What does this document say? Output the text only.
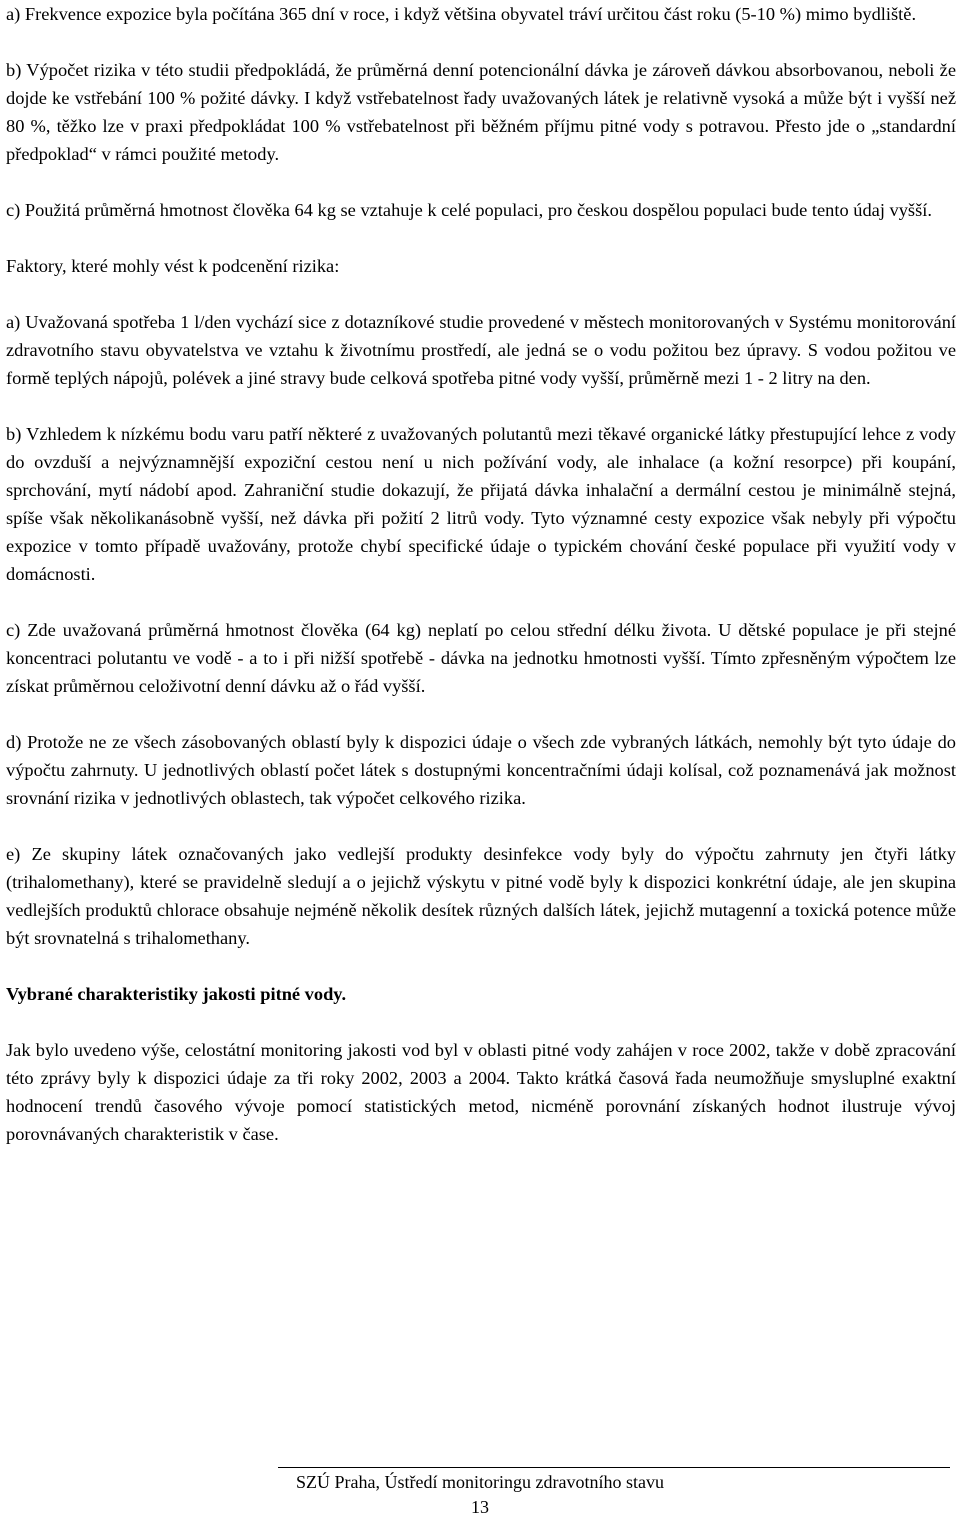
a) Frekvence expozice byla počítána 365 dní v roce, i když většina obyvatel tráví určitou část roku (5-10 %) mimo bydliště.

b) Výpočet rizika v této studii předpokládá, že průměrná denní potencionální dávka je zároveň dávkou absorbovanou, neboli že dojde ke vstřebání 100 % požité dávky. I když vstřebatelnost řady uvažovaných látek je relativně vysoká a může být i vyšší než 80 %, těžko lze v praxi předpokládat 100 % vstřebatelnost při běžném příjmu pitné vody s potravou. Přesto jde o „standardní předpoklad“ v rámci použité metody.

c) Použitá průměrná hmotnost člověka 64 kg se vztahuje k celé populaci, pro českou dospělou populaci bude tento údaj vyšší.

Faktory, které mohly vést k podcenění rizika:

a) Uvažovaná spotřeba 1 l/den vychází sice z dotazníkové studie provedené v městech monitorovaných v Systému monitorování zdravotního stavu obyvatelstva ve vztahu k životnímu prostředí, ale jedná se o vodu požitou bez úpravy. S vodou požitou ve formě teplých nápojů, polévek a jiné stravy bude celková spotřeba pitné vody vyšší, průměrně mezi 1 - 2 litry na den.

b) Vzhledem k nízkému bodu varu patří některé z uvažovaných polutantů mezi těkavé organické látky přestupující lehce z vody do ovzduší a nejvýznamnější expoziční cestou není u nich požívání vody, ale inhalace (a kožní resorpce) při koupání, sprchování, mytí nádobí apod. Zahraniční studie dokazují, že přijatá dávka inhalační a dermální cestou je minimálně stejná, spíše však několikanásobně vyšší, než dávka při požití 2 litrů vody. Tyto významné cesty expozice však nebyly při výpočtu expozice v tomto případě uvažovány, protože chybí specifické údaje o typickém chování české populace při využití vody v domácnosti.

c) Zde uvažovaná průměrná hmotnost člověka (64 kg) neplatí po celou střední délku života. U dětské populace je při stejné koncentraci polutantu ve vodě - a to i při nižší spotřebě - dávka na jednotku hmotnosti vyšší. Tímto zpřesněným výpočtem lze získat průměrnou celoživotní denní dávku až o řád vyšší.

d) Protože ne ze všech zásobovaných oblastí byly k dispozici údaje o všech zde vybraných látkách, nemohly být tyto údaje do výpočtu zahrnuty. U jednotlivých oblastí počet látek s dostupnými koncentračními údaji kolísal, což poznamenává jak možnost srovnání rizika v jednotlivých oblastech, tak výpočet celkového rizika.

e) Ze skupiny látek označovaných jako vedlejší produkty desinfekce vody byly do výpočtu zahrnuty jen čtyři látky (trihalomethany), které se pravidelně sledují a o jejichž výskytu v pitné vodě byly k dispozici konkrétní údaje, ale jen skupina vedlejších produktů chlorace obsahuje nejméně několik desítek různých dalších látek, jejichž mutagenní a toxická potence může být srovnatelná s trihalomethany.

Vybrané charakteristiky jakosti pitné vody.

Jak bylo uvedeno výše, celostátní monitoring jakosti vod byl v oblasti pitné vody zahájen v roce 2002, takže v době zpracování této zprávy byly k dispozici údaje za tři roky 2002, 2003 a 2004. Takto krátká časová řada neumožňuje smysluplné exaktní hodnocení trendů časového vývoje pomocí statistických metod, nicméně porovnání získaných hodnot ilustruje vývoj porovnávaných charakteristik v čase.

SZÚ Praha, Ústředí monitoringu zdravotního stavu
13
